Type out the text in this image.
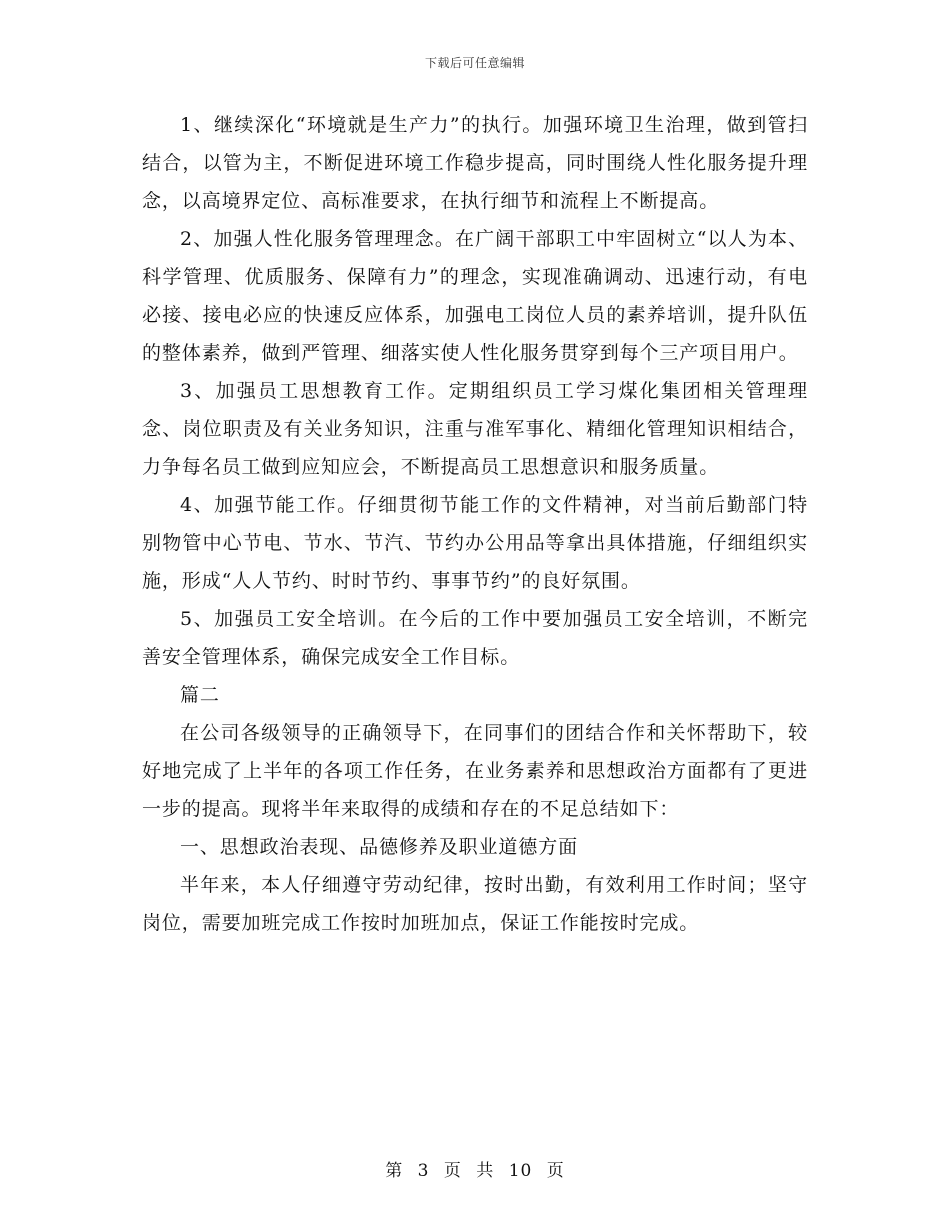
下载后可任意编辑

1、继续深化“环境就是生产力”的执行。加强环境卫生治理，做到管扫结合，以管为主，不断促进环境工作稳步提高，同时围绕人性化服务提升理念，以高境界定位、高标准要求，在执行细节和流程上不断提高。

2、加强人性化服务管理理念。在广阔干部职工中牢固树立“以人为本、科学管理、优质服务、保障有力”的理念，实现准确调动、迅速行动，有电必接、接电必应的快速反应体系，加强电工岗位人员的素养培训，提升队伍的整体素养，做到严管理、细落实使人性化服务贯穿到每个三产项目用户。

3、加强员工思想教育工作。定期组织员工学习煤化集团相关管理理念、岗位职责及有关业务知识，注重与准军事化、精细化管理知识相结合，力争每名员工做到应知应会，不断提高员工思想意识和服务质量。

4、加强节能工作。仔细贯彻节能工作的文件精神，对当前后勤部门特别物管中心节电、节水、节汽、节约办公用品等拿出具体措施，仔细组织实施，形成“人人节约、时时节约、事事节约”的良好氛围。

5、加强员工安全培训。在今后的工作中要加强员工安全培训，不断完善安全管理体系，确保完成安全工作目标。

篇二

在公司各级领导的正确领导下，在同事们的团结合作和关怀帮助下，较好地完成了上半年的各项工作任务，在业务素养和思想政治方面都有了更进一步的提高。现将半年来取得的成绩和存在的不足总结如下：

一、思想政治表现、品德修养及职业道德方面

半年来，本人仔细遵守劳动纪律，按时出勤，有效利用工作时间；坚守岗位，需要加班完成工作按时加班加点，保证工作能按时完成。

第 3 页 共 10 页
